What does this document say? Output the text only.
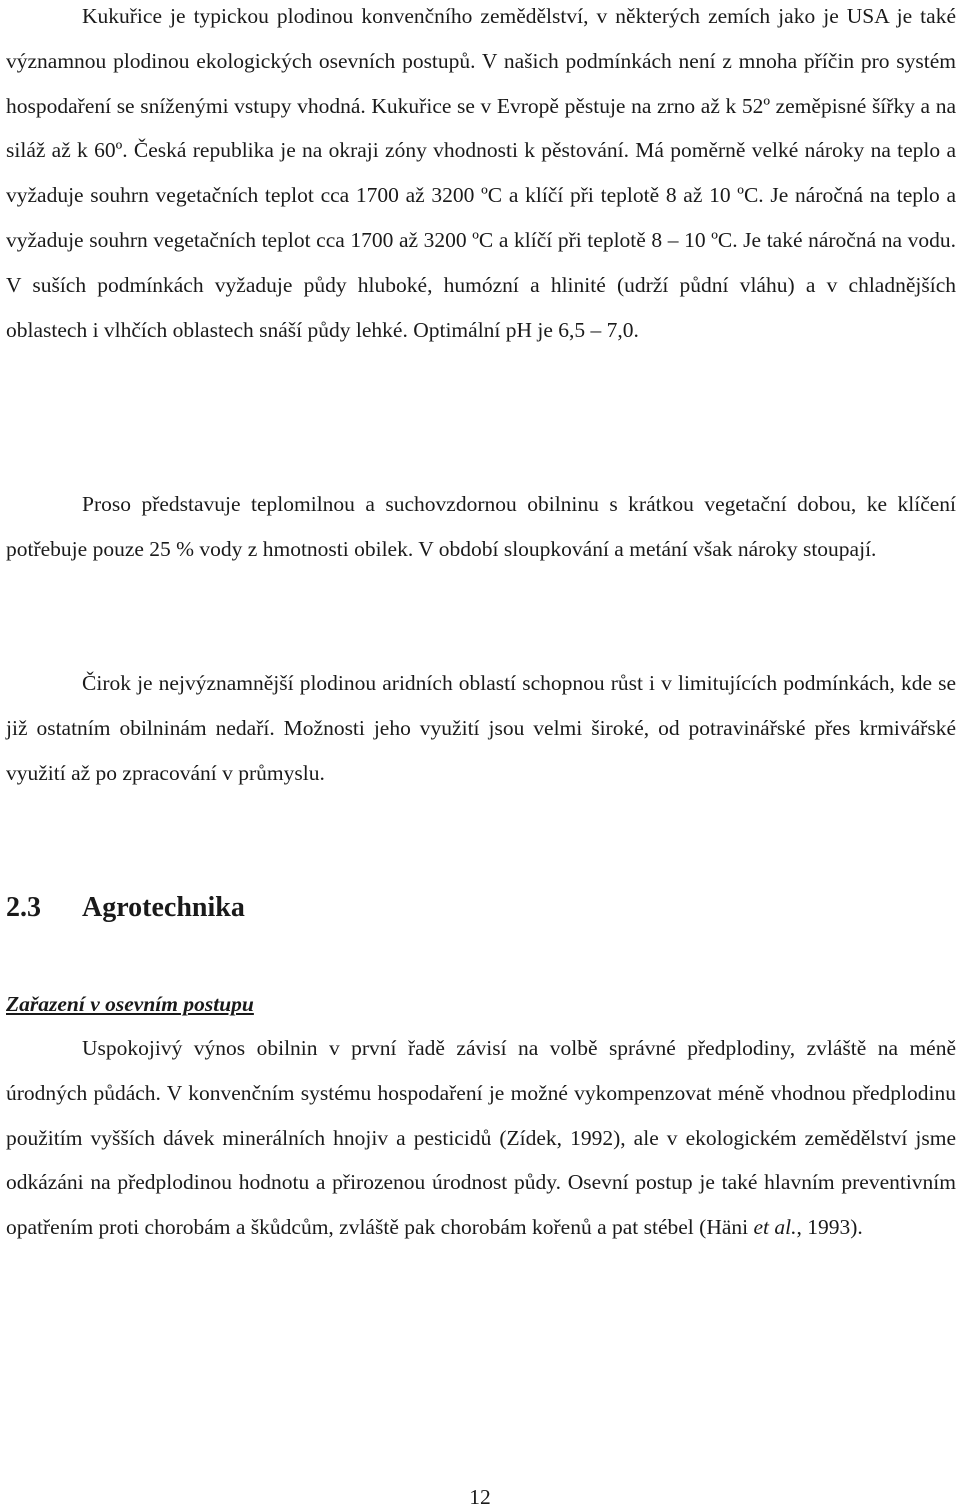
Kukuřice je typickou plodinou konvenčního zemědělství, v některých zemích jako je USA je také významnou plodinou ekologických osevních postupů. V našich podmínkách není z mnoha příčin pro systém hospodaření se sníženými vstupy vhodná. Kukuřice se v Evropě pěstuje na zrno až k 52º zeměpisné šířky a na siláž až k 60º. Česká republika je na okraji zóny vhodnosti k pěstování. Má poměrně velké nároky na teplo a vyžaduje souhrn vegetačních teplot cca 1700 až 3200 ºC a klíčí při teplotě 8 až 10 ºC. Je náročná na teplo a vyžaduje souhrn vegetačních teplot cca 1700 až 3200 ºC a klíčí při teplotě 8 – 10 ºC. Je také náročná na vodu. V suších podmínkách vyžaduje půdy hluboké, humózní a hlinité (udrží půdní vláhu) a v chladnějších oblastech i vlhčích oblastech snáší půdy lehké. Optimální pH je 6,5 – 7,0.

Proso představuje teplomilnou a suchovzdornou obilninu s krátkou vegetační dobou, ke klíčení potřebuje pouze 25 % vody z hmotnosti obilek. V období sloupkování a metání však nároky stoupají.

Čirok je nejvýznamnější plodinou aridních oblastí schopnou růst i v limitujících podmínkách, kde se již ostatním obilninám nedaří. Možnosti jeho využití jsou velmi široké, od potravinářské přes krmivářské využití až po zpracování v průmyslu.

2.3 Agrotechnika
Zařazení v osevním postupu

Uspokojivý výnos obilnin v první řadě závisí na volbě správné předplodiny, zvláště na méně úrodných půdách. V konvenčním systému hospodaření je možné vykompenzovat méně vhodnou předplodinu použitím vyšších dávek minerálních hnojiv a pesticidů (Zídek, 1992), ale v ekologickém zemědělství jsme odkázáni na předplodinou hodnotu a přirozenou úrodnost půdy. Osevní postup je také hlavním preventivním opatřením proti chorobám a škůdcům, zvláště pak chorobám kořenů a pat stébel (Häni et al., 1993).

12
